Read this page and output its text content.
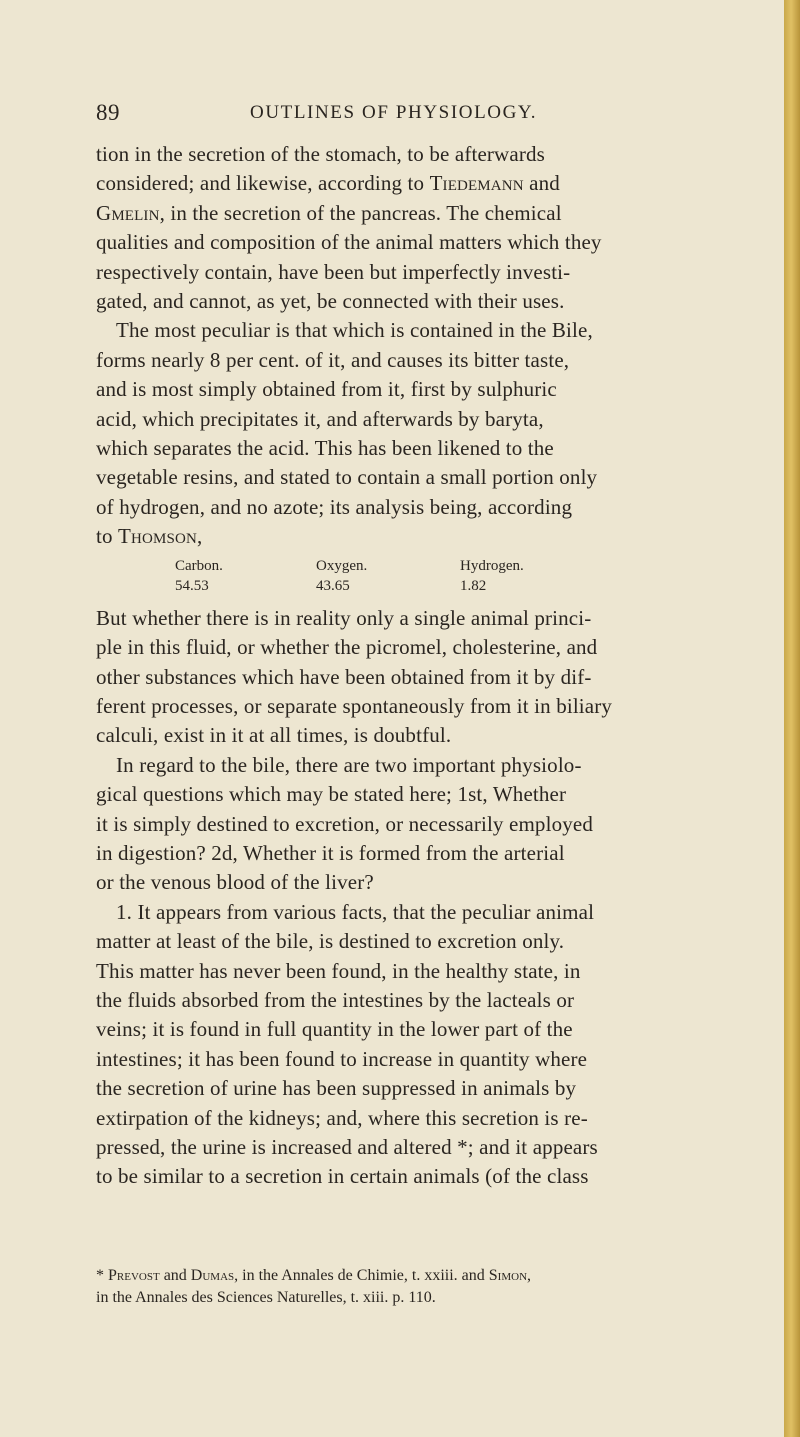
89	OUTLINES OF PHYSIOLOGY.
tion in the secretion of the stomach, to be afterwards
considered; and likewise, according to Tiedemann and
Gmelin, in the secretion of the pancreas. The chemical
qualities and composition of the animal matters which they
respectively contain, have been but imperfectly investi-
gated, and cannot, as yet, be connected with their uses.
The most peculiar is that which is contained in the Bile,
forms nearly 8 per cent. of it, and causes its bitter taste,
and is most simply obtained from it, first by sulphuric
acid, which precipitates it, and afterwards by baryta,
which separates the acid. This has been likened to the
vegetable resins, and stated to contain a small portion only
of hydrogen, and no azote; its analysis being, according
to Thomson,
Carbon.
54.53
Oxygen.
43.65
Hydrogen.
1.82
But whether there is in reality only a single animal princi-
ple in this fluid, or whether the picromel, cholesterine, and
other substances which have been obtained from it by dif-
ferent processes, or separate spontaneously from it in biliary
calculi, exist in it at all times, is doubtful.
In regard to the bile, there are two important physiolo-
gical questions which may be stated here; 1st, Whether
it is simply destined to excretion, or necessarily employed
in digestion? 2d, Whether it is formed from the arterial
or the venous blood of the liver?
1. It appears from various facts, that the peculiar animal
matter at least of the bile, is destined to excretion only.
This matter has never been found, in the healthy state, in
the fluids absorbed from the intestines by the lacteals or
veins; it is found in full quantity in the lower part of the
intestines; it has been found to increase in quantity where
the secretion of urine has been suppressed in animals by
extirpation of the kidneys; and, where this secretion is re-
pressed, the urine is increased and altered *; and it appears
to be similar to a secretion in certain animals (of the class
* Prevost and Dumas, in the Annales de Chimie, t. xxiii. and Simon,
in the Annales des Sciences Naturelles, t. xiii. p. 110.
